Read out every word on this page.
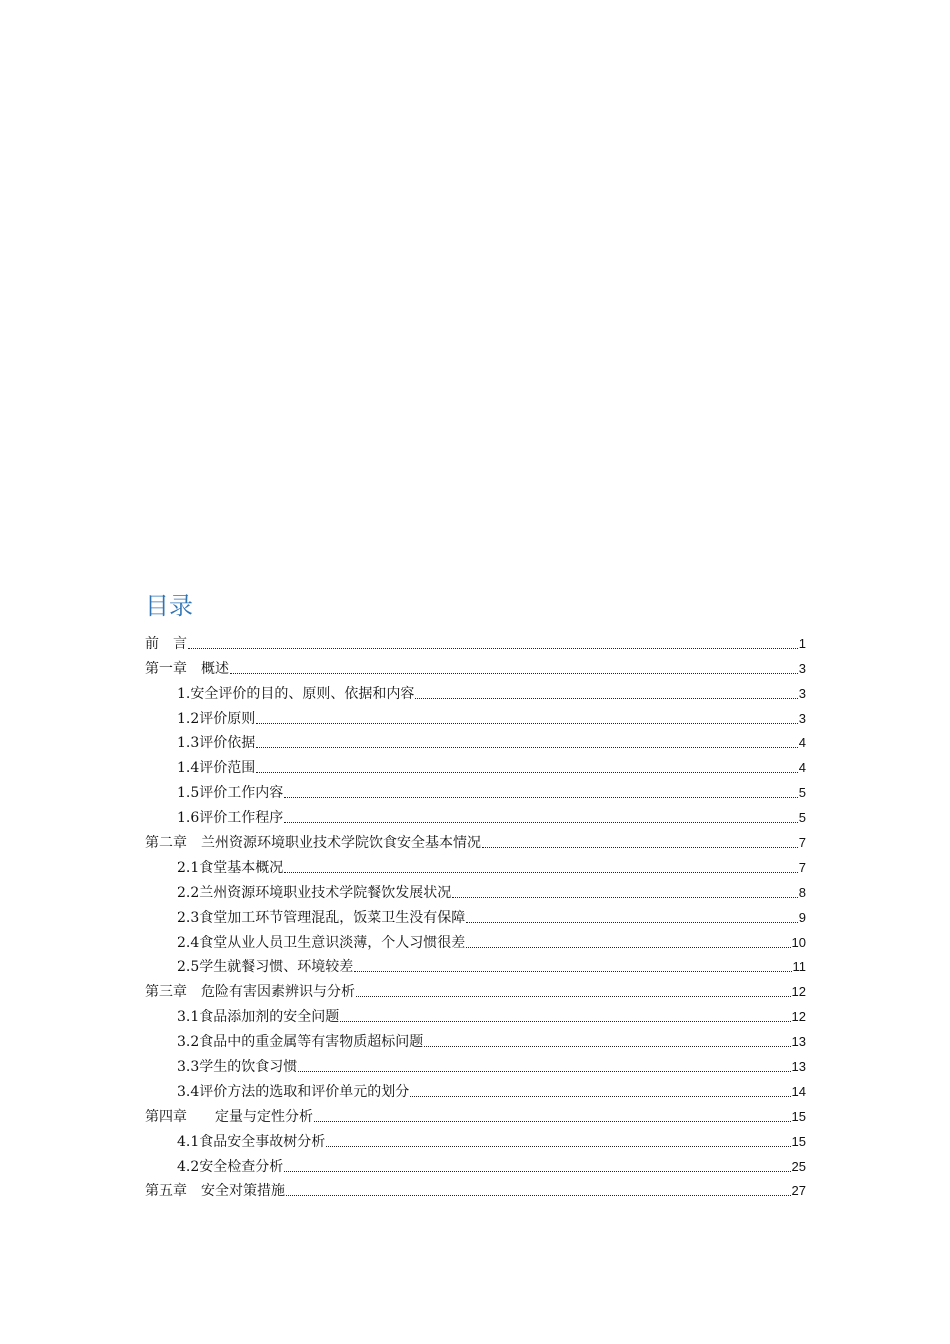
目录
前　言	1
第一章　概述	3
1.安全评价的目的、原则、依据和内容	3
1.2评价原则	3
1.3评价依据	4
1.4评价范围	4
1.5评价工作内容	5
1.6评价工作程序	5
第二章　兰州资源环境职业技术学院饮食安全基本情况	7
2.1食堂基本概况	7
2.2兰州资源环境职业技术学院餐饮发展状况	8
2.3食堂加工环节管理混乱，饭菜卫生没有保障	9
2.4食堂从业人员卫生意识淡薄，个人习惯很差	10
2.5学生就餐习惯、环境较差	11
第三章　危险有害因素辨识与分析	12
3.1食品添加剂的安全问题	12
3.2食品中的重金属等有害物质超标问题	13
3.3学生的饮食习惯	13
3.4评价方法的选取和评价单元的划分	14
第四章　　定量与定性分析	15
4.1食品安全事故树分析	15
4.2安全检查分析	25
第五章　安全对策措施	27
